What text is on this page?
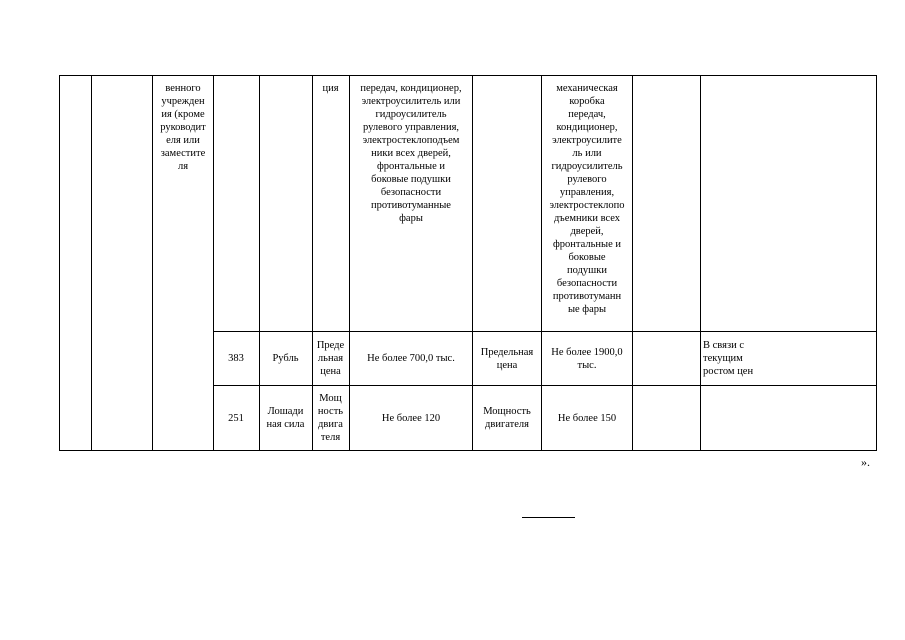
венного
учрежден
ия (кроме
руководит
eля или
заместите
ля
ция	передач, кондиционер,
электроусилитель или
гидроусилитель
рулевого управления,
электростеклоподъем
ники всех дверей,
фронтальные и
боковые подушки
безопасности
противотуманные
фары
механическая
коробка
передач,
кондиционер,
электроусилите
ль или
гидроусилитель
рулевого
управления,
электростеклопо
дъемники всех
дверей,
фронтальные и
боковые
подушки
безопасности
противотуманн
ые фары
383	Рубль
Преде
льная
цена
Не более 700,0 тыс.
Предельная
цена
Не более 1900,0
тыс.
В связи с
текущим
ростом цен
251
Лошади
ная сила
Мощ
ность
двига
теля
Не более 120
Мощность
двигателя
Не более 150
».
